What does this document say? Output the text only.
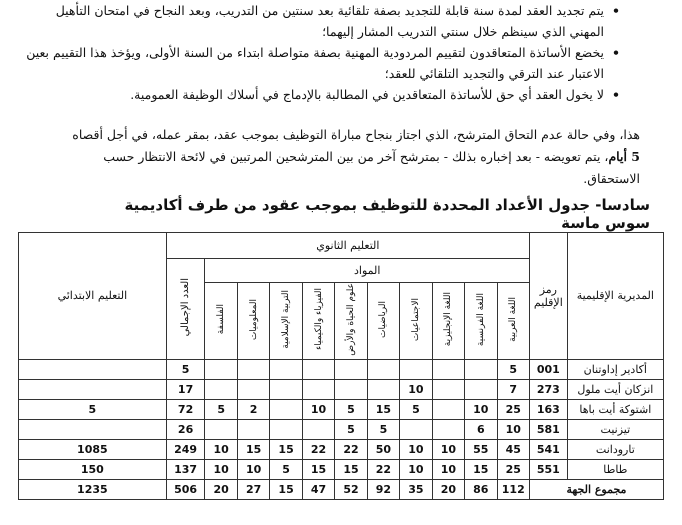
•
يتم تجديد العقد لمدة سنة قابلة للتجديد بصفة تلقائية بعد سنتين من التدريب، وبعد النجاح في امتحان التأهيل المهني الذي سينظم خلال سنتي التدريب المشار إليهما؛

•
يخضع الأساتذة المتعاقدون لتقييم المردودية المهنية بصفة متواصلة ابتداء من السنة الأولى، ويؤخذ هذا التقييم بعين الاعتبار عند الترقي والتجديد التلقائي للعقد؛

•
لا يخول العقد أي حق للأساتذة المتعاقدين في المطالبة بالإدماج في أسلاك الوظيفة العمومية.

هذا، وفي حالة عدم التحاق المترشح، الذي اجتاز بنجاح مباراة التوظيف بموجب عقد، بمقر عمله، في أجل أقصاه 5 أيام، يتم تعويضه - بعد إخباره بذلك - بمترشح آخر من بين المترشحين المرتبين في لائحة الانتظار حسب الاستحقاق.
سادسا- جدول الأعداد المحددة للتوظيف بموجب عقود من طرف أكاديمية سوس ماسة
المديرية الإقليمية	رمز الإقليم	التعليم الثانوي											التعليم الابتدائي
		المواد										العدد الإجمالي	
		اللغة العربية	اللغة الفرنسية	اللغة الإنجليزية	الاجتماعيات	الرياضيات	علوم الحياة والأرض	الفيزياء والكيمياء	التربية الإسلامية	المعلوميات	الفلسفة		
أكادير إداوتنان	001	5										5	
انزكان أيت ملول	273	7			10							17	
اشتوكة أيت باها	163	25	10		5	15	5	10		2	5	72	5
تيزنيت	581	10	6			5	5					26	
تارودانت	541	45	55	10	10	50	22	22	15	15	10	249	1085
طاطا	551	25	15	10	10	22	15	15	5	10	10	137	150
مجموع الجهة		112	86	20	35	92	52	47	15	27	20	506	1235
